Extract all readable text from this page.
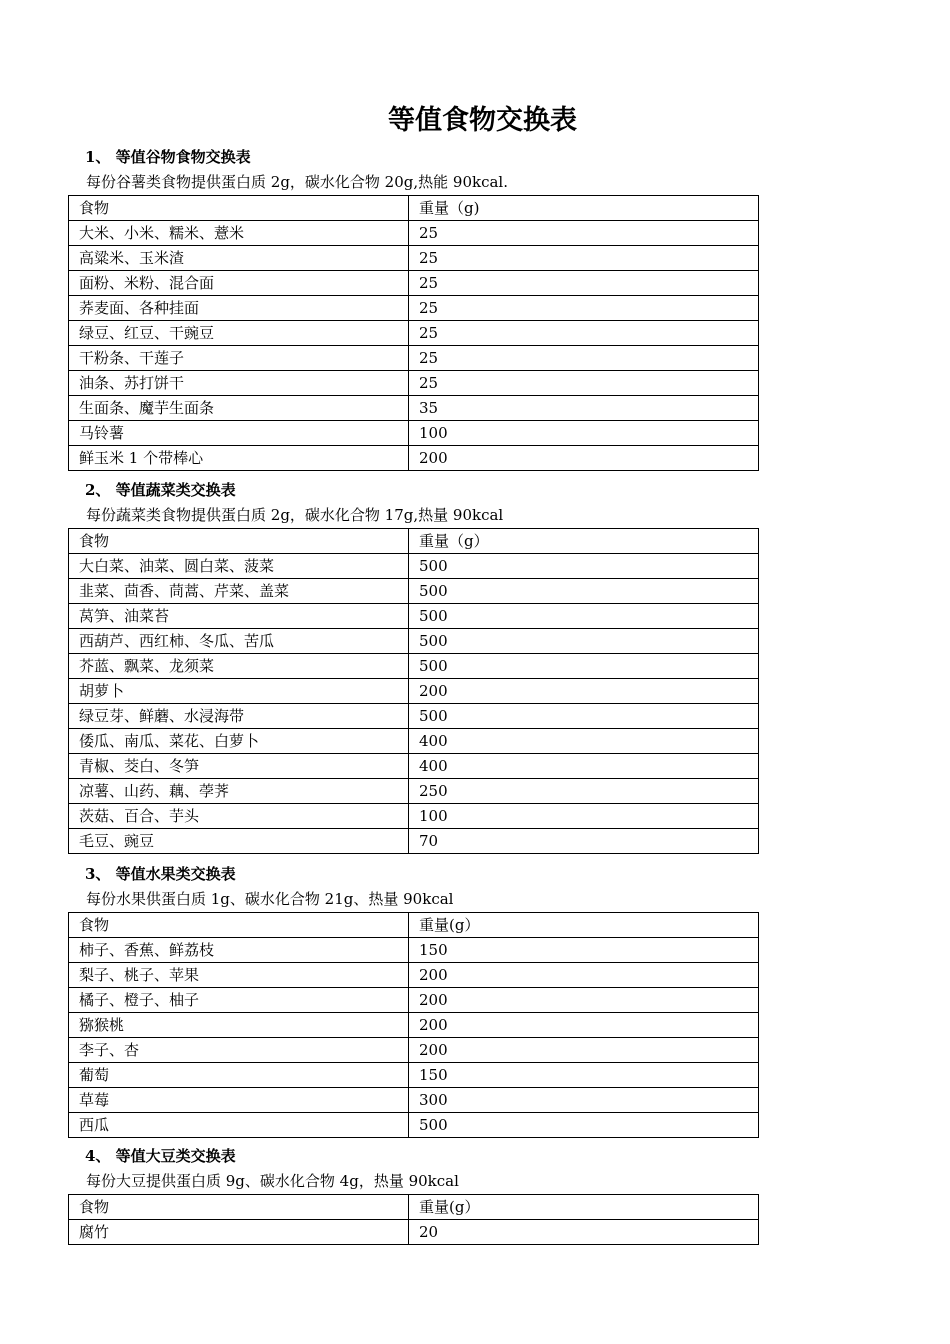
等值食物交换表
1、 等值谷物食物交换表
每份谷薯类食物提供蛋白质 2g，碳水化合物 20g,热能 90kcal.
食物	重量（g)
大米、小米、糯米、薏米	25
高粱米、玉米渣	25
面粉、米粉、混合面	25
荞麦面、各种挂面	25
绿豆、红豆、干豌豆	25
干粉条、干莲子	25
油条、苏打饼干	25
生面条、魔芋生面条	35
马铃薯	100
鲜玉米 1 个带棒心	200
2、 等值蔬菜类交换表
每份蔬菜类食物提供蛋白质 2g，碳水化合物 17g,热量 90kcal
食物	重量（g）
大白菜、油菜、圆白菜、菠菜	500
韭菜、茴香、茼蒿、芹菜、盖菜	500
莴笋、油菜苔	500
西葫芦、西红柿、冬瓜、苦瓜	500
芥蓝、飘菜、龙须菜	500
胡萝卜	200
绿豆芽、鲜蘑、水浸海带	500
倭瓜、南瓜、菜花、白萝卜	400
青椒、茭白、冬笋	400
凉薯、山药、藕、荸荠	250
茨菇、百合、芋头	100
毛豆、豌豆	70
3、 等值水果类交换表
每份水果供蛋白质 1g、碳水化合物 21g、热量 90kcal
食物	重量(g）
柿子、香蕉、鲜荔枝	150
梨子、桃子、苹果	200
橘子、橙子、柚子	200
猕猴桃	200
李子、杏	200
葡萄	150
草莓	300
西瓜	500
4、 等值大豆类交换表
每份大豆提供蛋白质 9g、碳水化合物 4g，热量 90kcal
食物	重量(g）
腐竹	20
